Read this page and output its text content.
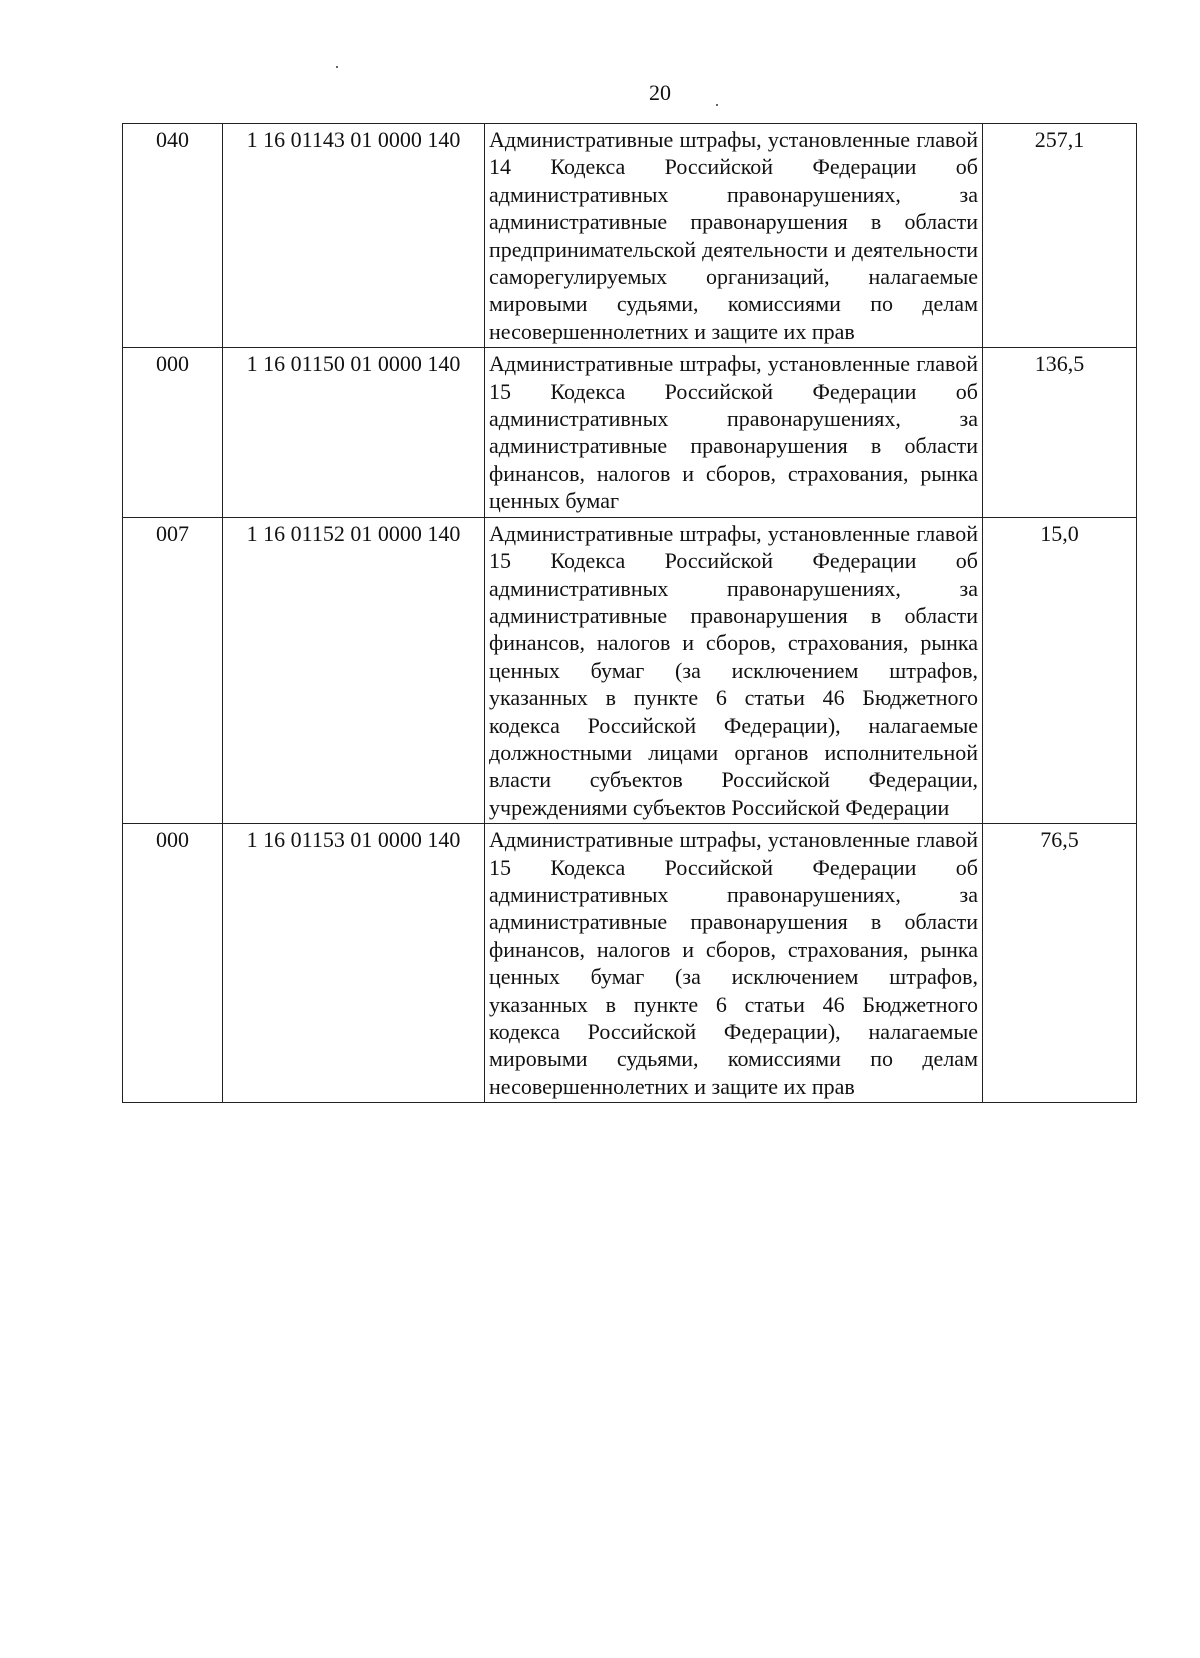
20
040	1 16 01143 01 0000 140	Административные штрафы, установленные главой 14 Кодекса Российской Федерации об административных правонарушениях, за административные правонарушения в области предпринимательской деятельности и деятельности саморегулируемых организаций, налагаемые мировыми судьями, комиссиями по делам несовершеннолетних и защите их прав	257,1
000	1 16 01150 01 0000 140	Административные штрафы, установленные главой 15 Кодекса Российской Федерации об административных правонарушениях, за административные правонарушения в области финансов, налогов и сборов, страхования, рынка ценных бумаг	136,5
007	1 16 01152 01 0000 140	Административные штрафы, установленные главой 15 Кодекса Российской Федерации об административных правонарушениях, за административные правонарушения в области финансов, налогов и сборов, страхования, рынка ценных бумаг (за исключением штрафов, указанных в пункте 6 статьи 46 Бюджетного кодекса Российской Федерации), налагаемые должностными лицами органов исполнительной власти субъектов Российской Федерации, учреждениями субъектов Российской Федерации	15,0
000	1 16 01153 01 0000 140	Административные штрафы, установленные главой 15 Кодекса Российской Федерации об административных правонарушениях, за административные правонарушения в области финансов, налогов и сборов, страхования, рынка ценных бумаг (за исключением штрафов, указанных в пункте 6 статьи 46 Бюджетного кодекса Российской Федерации), налагаемые мировыми судьями, комиссиями по делам несовершеннолетних и защите их прав	76,5
